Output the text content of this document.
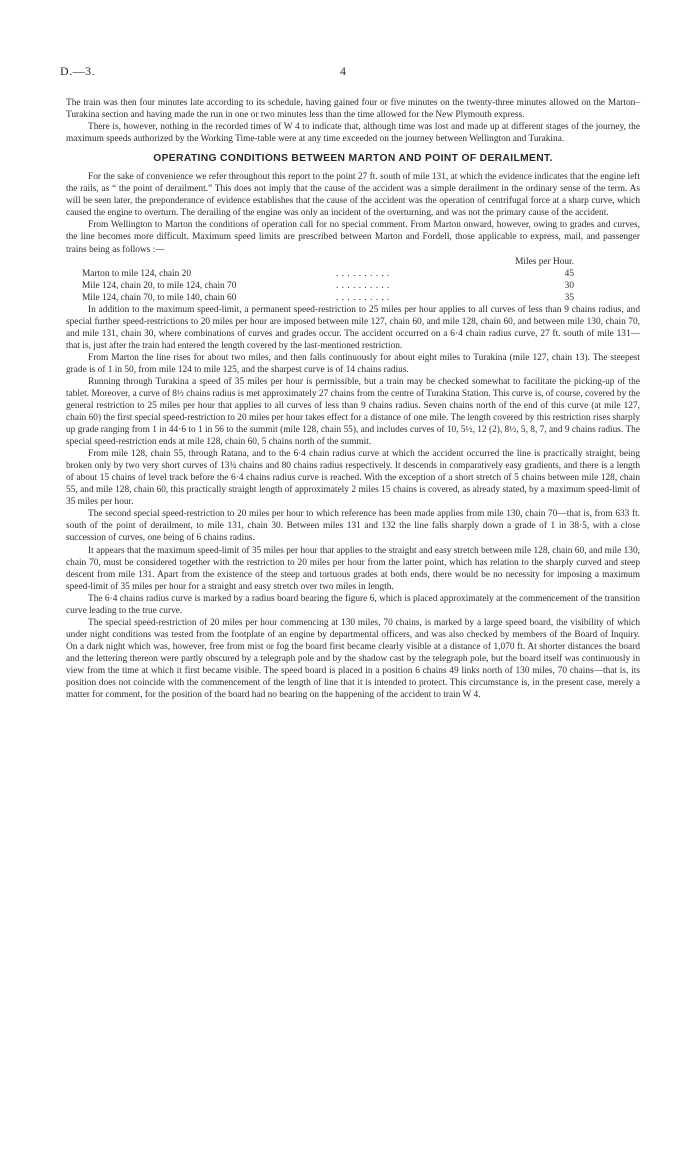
D.—3.	4

The train was then four minutes late according to its schedule, having gained four or five minutes on the twenty-three minutes allowed on the Marton–Turakina section and having made the run in one or two minutes less than the time allowed for the New Plymouth express.

There is, however, nothing in the recorded times of W 4 to indicate that, although time was lost and made up at different stages of the journey, the maximum speeds authorized by the Working Time-table were at any time exceeded on the journey between Wellington and Turakina.

OPERATING CONDITIONS BETWEEN MARTON AND POINT OF DERAILMENT.

For the sake of convenience we refer throughout this report to the point 27 ft. south of mile 131, at which the evidence indicates that the engine left the rails, as “ the point of derailment.” This does not imply that the cause of the accident was a simple derailment in the ordinary sense of the term. As will be seen later, the preponderance of evidence establishes that the cause of the accident was the operation of centrifugal force at a sharp curve, which caused the engine to overturn. The derailing of the engine was only an incident of the overturning, and was not the primary cause of the accident.

From Wellington to Marton the conditions of operation call for no special comment. From Marton onward, however, owing to grades and curves, the line becomes more difficult. Maximum speed limits are prescribed between Marton and Fordell, those applicable to express, mail, and passenger trains being as follows :—

Miles per Hour.
Marton to mile 124, chain 20	. . . . . . . . . .	45
Mile 124, chain 20, to mile 124, chain 70	. . . . . . . . . .	30
Mile 124, chain 70, to mile 140, chain 60	. . . . . . . . . .	35

In addition to the maximum speed-limit, a permanent speed-restriction to 25 miles per hour applies to all curves of less than 9 chains radius, and special further speed-restrictions to 20 miles per hour are imposed between mile 127, chain 60, and mile 128, chain 60, and between mile 130, chain 70, and mile 131, chain 30, where combinations of curves and grades occur. The accident occurred on a 6·4 chain radius curve, 27 ft. south of mile 131—that is, just after the train had entered the length covered by the last-mentioned restriction.

From Marton the line rises for about two miles, and then falls continuously for about eight miles to Turakina (mile 127, chain 13). The steepest grade is of 1 in 50, from mile 124 to mile 125, and the sharpest curve is of 14 chains radius.

Running through Turakina a speed of 35 miles per hour is permissible, but a train may be checked somewhat to facilitate the picking-up of the tablet. Moreover, a curve of 8½ chains radius is met approximately 27 chains from the centre of Turakina Station. This curve is, of course, covered by the general restriction to 25 miles per hour that applies to all curves of less than 9 chains radius. Seven chains north of the end of this curve (at mile 127, chain 60) the first special speed-restriction to 20 miles per hour takes effect for a distance of one mile. The length covered by this restriction rises sharply up grade ranging from 1 in 44·6 to 1 in 56 to the summit (mile 128, chain 55), and includes curves of 10, 5½, 12 (2), 8½, 5, 8, 7, and 9 chains radius. The special speed-restriction ends at mile 128, chain 60, 5 chains north of the summit.

From mile 128, chain 55, through Ratana, and to the 6·4 chain radius curve at which the accident occurred the line is practically straight, being broken only by two very short curves of 13¾ chains and 80 chains radius respectively. It descends in comparatively easy gradients, and there is a length of about 15 chains of level track before the 6·4 chains radius curve is reached. With the exception of a short stretch of 5 chains between mile 128, chain 55, and mile 128, chain 60, this practically straight length of approximately 2 miles 15 chains is covered, as already stated, by a maximum speed-limit of 35 miles per hour.

The second special speed-restriction to 20 miles per hour to which reference has been made applies from mile 130, chain 70—that is, from 633 ft. south of the point of derailment, to mile 131, chain 30. Between miles 131 and 132 the line falls sharply down a grade of 1 in 38·5, with a close succession of curves, one being of 6 chains radius.

It appears that the maximum speed-limit of 35 miles per hour that applies to the straight and easy stretch between mile 128, chain 60, and mile 130, chain 70, must be considered together with the restriction to 20 miles per hour from the latter point, which has relation to the sharply curved and steep descent from mile 131. Apart from the existence of the steep and tortuous grades at both ends, there would be no necessity for imposing a maximum speed-limit of 35 miles per hour for a straight and easy stretch over two miles in length.

The 6·4 chains radius curve is marked by a radius board bearing the figure 6, which is placed approximately at the commencement of the transition curve leading to the true curve.

The special speed-restriction of 20 miles per hour commencing at 130 miles, 70 chains, is marked by a large speed board, the visibility of which under night conditions was tested from the footplate of an engine by departmental officers, and was also checked by members of the Board of Inquiry. On a dark night which was, however, free from mist or fog the board first became clearly visible at a distance of 1,070 ft. At shorter distances the board and the lettering thereon were partly obscured by a telegraph pole and by the shadow cast by the telegraph pole, but the board itself was continuously in view from the time at which it first became visible. The speed board is placed in a position 6 chains 49 links north of 130 miles, 70 chains—that is, its position does not coincide with the commencement of the length of line that it is intended to protect. This circumstance is, in the present case, merely a matter for comment, for the position of the board had no bearing on the happening of the accident to train W 4.
